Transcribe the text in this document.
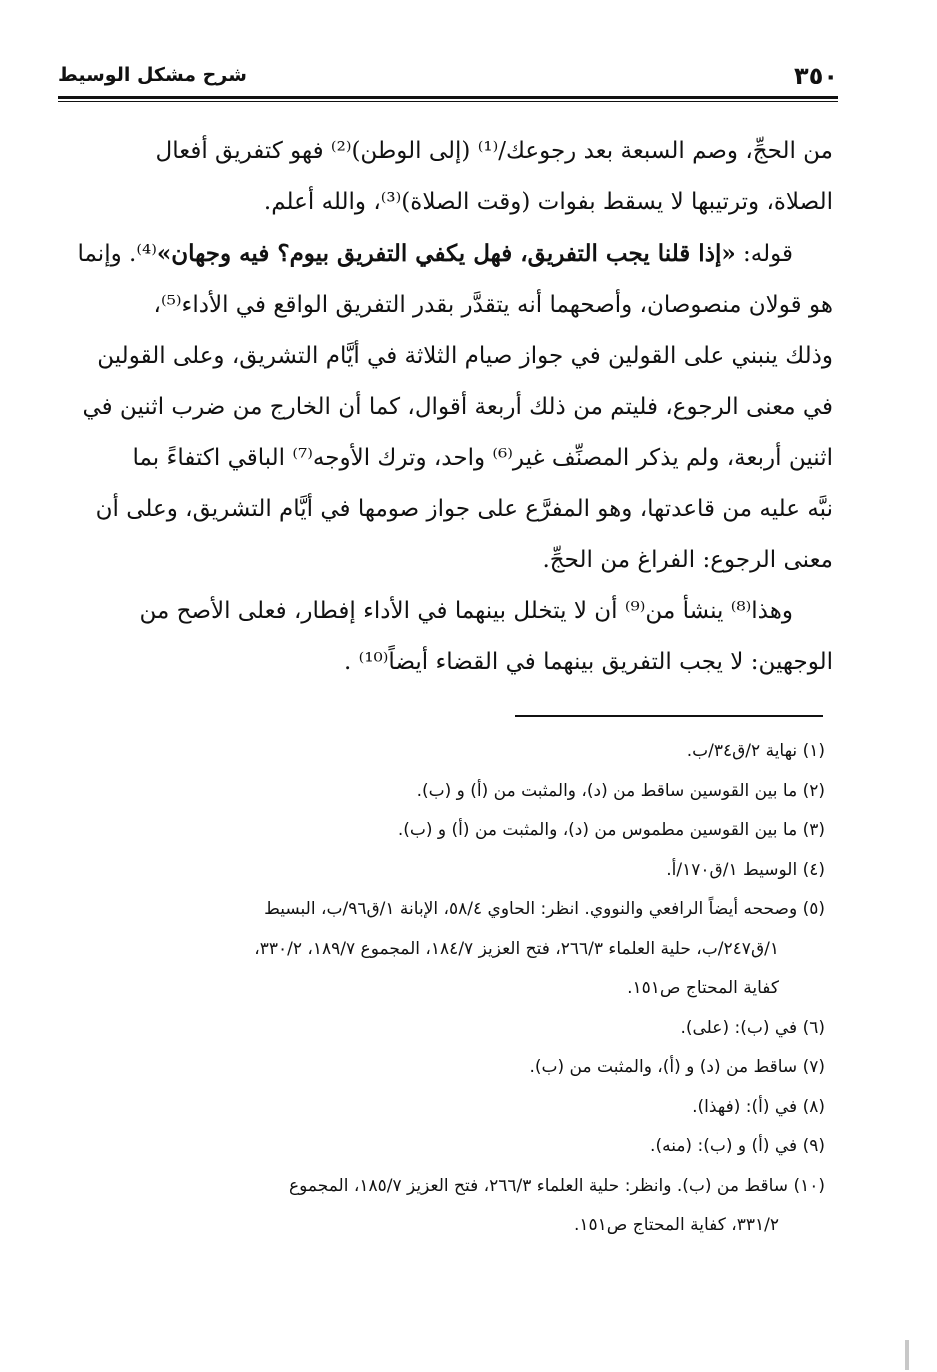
٣٥٠
شرح مشكل الوسيط

من الحجِّ، وصم السبعة بعد رجوعك/⁽¹⁾ (إلى الوطن)⁽²⁾ فهو كتفريق أفعال

الصلاة، وترتيبها لا يسقط بفوات (وقت الصلاة)⁽³⁾، والله أعلم.

قوله: «إذا قلنا يجب التفريق، فهل يكفي التفريق بيوم؟ فيه وجهان»⁽⁴⁾. وإنما

هو قولان منصوصان، وأصحهما أنه يتقدَّر بقدر التفريق الواقع في الأداء⁽⁵⁾،

وذلك ينبني على القولين في جواز صيام الثلاثة في أيَّام التشريق، وعلى القولين

في معنى الرجوع، فليتم من ذلك أربعة أقوال، كما أن الخارج من ضرب اثنين في

اثنين أربعة، ولم يذكر المصنِّف غير⁽⁶⁾ واحد، وترك الأوجه⁽⁷⁾ الباقي اكتفاءً بما

نبَّه عليه من قاعدتها، وهو المفرَّع على جواز صومها في أيَّام التشريق، وعلى أن

معنى الرجوع: الفراغ من الحجِّ.

وهذا⁽⁸⁾ ينشأ من⁽⁹⁾ أن لا يتخلل بينهما في الأداء إفطار، فعلى الأصح من

الوجهين: لا يجب التفريق بينهما في القضاء أيضاً⁽¹⁰⁾ .

(١) نهاية ٢/ق٣٤/ب.

(٢) ما بين القوسين ساقط من (د)، والمثبت من (أ) و (ب).

(٣) ما بين القوسين مطموس من (د)، والمثبت من (أ) و (ب).

(٤) الوسيط ١/ق١٧٠/أ.

(٥) وصححه أيضاً الرافعي والنووي. انظر: الحاوي ٥٨/٤، الإبانة ١/ق٩٦/ب، البسيط

١/ق٢٤٧/ب، حلية العلماء ٢٦٦/٣، فتح العزيز ١٨٤/٧، المجموع ١٨٩/٧، ٣٣٠/٢،

كفاية المحتاج ص١٥١.

(٦) في (ب): (على).

(٧) ساقط من (د) و (أ)، والمثبت من (ب).

(٨) في (أ): (فهذا).

(٩) في (أ) و (ب): (منه).

(١٠) ساقط من (ب). وانظر: حلية العلماء ٢٦٦/٣، فتح العزيز ١٨٥/٧، المجموع

٣٣١/٢، كفاية المحتاج ص١٥١.
